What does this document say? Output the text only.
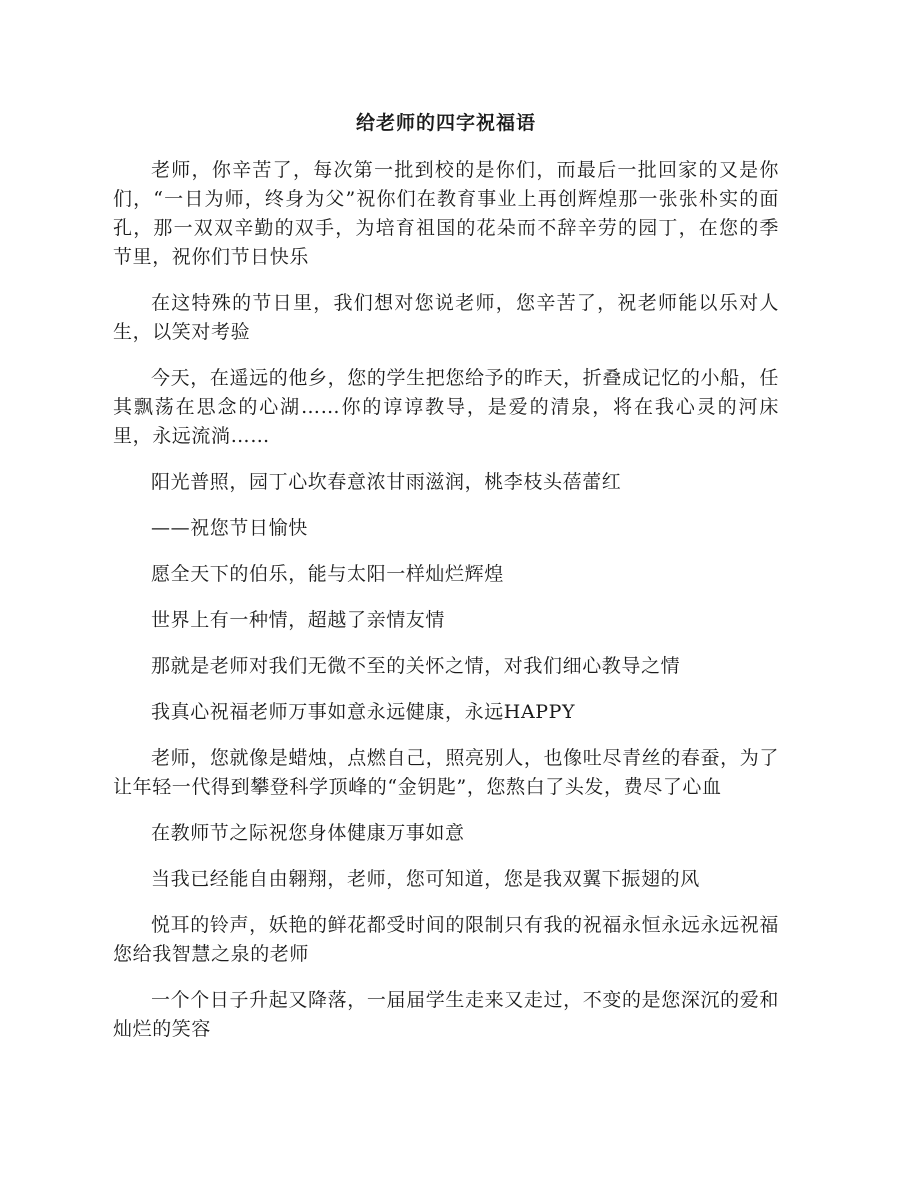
给老师的四字祝福语

老师，你辛苦了，每次第一批到校的是你们，而最后一批回家的又是你们，“一日为师，终身为父”祝你们在教育事业上再创辉煌那一张张朴实的面孔，那一双双辛勤的双手，为培育祖国的花朵而不辞辛劳的园丁，在您的季节里，祝你们节日快乐

在这特殊的节日里，我们想对您说老师，您辛苦了，祝老师能以乐对人生，以笑对考验

今天，在遥远的他乡，您的学生把您给予的昨天，折叠成记忆的小船，任其飘荡在思念的心湖……你的谆谆教导，是爱的清泉，将在我心灵的河床里，永远流淌……

阳光普照，园丁心坎春意浓甘雨滋润，桃李枝头蓓蕾红

——祝您节日愉快

愿全天下的伯乐，能与太阳一样灿烂辉煌

世界上有一种情，超越了亲情友情

那就是老师对我们无微不至的关怀之情，对我们细心教导之情

我真心祝福老师万事如意永远健康，永远HAPPY

老师，您就像是蜡烛，点燃自己，照亮别人，也像吐尽青丝的春蚕，为了让年轻一代得到攀登科学顶峰的“金钥匙”，您熬白了头发，费尽了心血

在教师节之际祝您身体健康万事如意

当我已经能自由翱翔，老师，您可知道，您是我双翼下振翅的风

悦耳的铃声，妖艳的鲜花都受时间的限制只有我的祝福永恒永远永远祝福您给我智慧之泉的老师

一个个日子升起又降落，一届届学生走来又走过，不变的是您深沉的爱和灿烂的笑容
